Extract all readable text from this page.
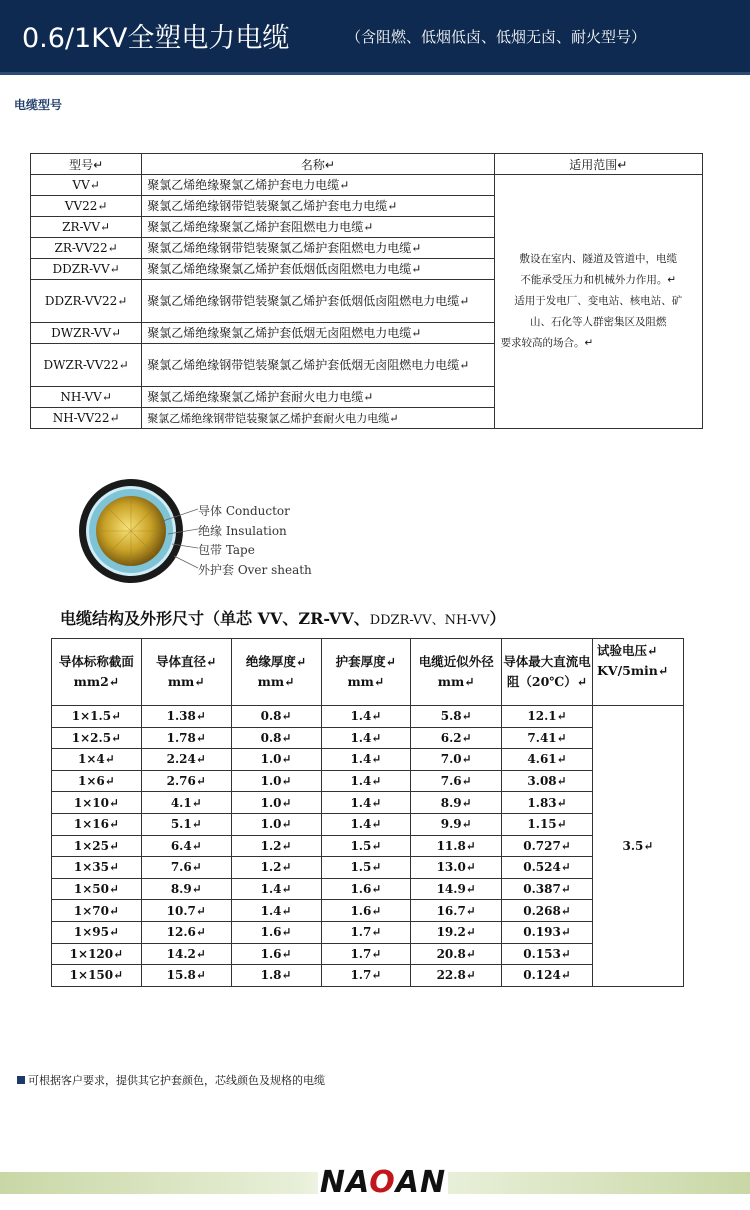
0.6/1KV全塑电力电缆	（含阻燃、低烟低卤、低烟无卤、耐火型号）
电缆型号
型号↵	名称↵	适用范围↵
VV↵	聚氯乙烯绝缘聚氯乙烯护套电力电缆↵	敷设在室内、隧道及管道中，电缆
不能承受压力和机械外力作用。↵
适用于发电厂、变电站、核电站、矿
山、石化等人群密集区及阻燃
要求较高的场合。↵

VV22↵	聚氯乙烯绝缘钢带铠装聚氯乙烯护套电力电缆↵	
ZR-VV↵	聚氯乙烯绝缘聚氯乙烯护套阻燃电力电缆↵	
ZR-VV22↵	聚氯乙烯绝缘钢带铠装聚氯乙烯护套阻燃电力电缆↵	
DDZR-VV↵	聚氯乙烯绝缘聚氯乙烯护套低烟低卤阻燃电力电缆↵	
DDZR-VV22↵	聚氯乙烯绝缘钢带铠装聚氯乙烯护套低烟低卤阻燃电力电缆↵	
DWZR-VV↵	聚氯乙烯绝缘聚氯乙烯护套低烟无卤阻燃电力电缆↵	
DWZR-VV22↵	聚氯乙烯绝缘钢带铠装聚氯乙烯护套低烟无卤阻燃电力电缆↵	
NH-VV↵	聚氯乙烯绝缘聚氯乙烯护套耐火电力电缆↵	
NH-VV22↵	聚氯乙烯绝缘钢带铠装聚氯乙烯护套耐火电力电缆↵	
导体 Conductor
绝缘 Insulation
包带 Tape
外护套 Over sheath
电缆结构及外形尺寸（单芯 VV、ZR-VV、DDZR-VV、NH-VV）
导体标称截面 mm2↵	导体直径↵ mm↵	绝缘厚度↵ mm↵	护套厚度↵ mm↵	电缆近似外径 mm↵	导体最大直流电阻（20℃）↵	试验电压↵ KV/5min↵
1×1.5↵	1.38↵	0.8↵	1.4↵	5.8↵	12.1↵	3.5↵
1×2.5↵	1.78↵	0.8↵	1.4↵	6.2↵	7.41↵	
1×4↵	2.24↵	1.0↵	1.4↵	7.0↵	4.61↵	
1×6↵	2.76↵	1.0↵	1.4↵	7.6↵	3.08↵	
1×10↵	4.1↵	1.0↵	1.4↵	8.9↵	1.83↵	
1×16↵	5.1↵	1.0↵	1.4↵	9.9↵	1.15↵	
1×25↵	6.4↵	1.2↵	1.5↵	11.8↵	0.727↵	
1×35↵	7.6↵	1.2↵	1.5↵	13.0↵	0.524↵	
1×50↵	8.9↵	1.4↵	1.6↵	14.9↵	0.387↵	
1×70↵	10.7↵	1.4↵	1.6↵	16.7↵	0.268↵	
1×95↵	12.6↵	1.6↵	1.7↵	19.2↵	0.193↵	
1×120↵	14.2↵	1.6↵	1.7↵	20.8↵	0.153↵	
1×150↵	15.8↵	1.8↵	1.7↵	22.8↵	0.124↵	
可根据客户要求，提供其它护套颜色，芯线颜色及规格的电缆
NAOAN
